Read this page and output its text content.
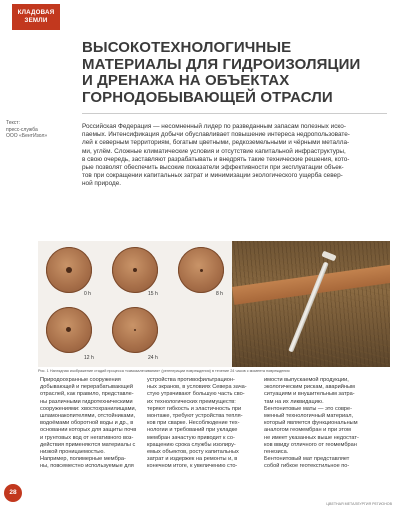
КЛАДОВАЯ
ЗЕМЛИ
ВЫСОКОТЕХНОЛОГИЧНЫЕ
МАТЕРИАЛЫ ДЛЯ ГИДРОИЗОЛЯЦИИ
И ДРЕНАЖА НА ОБЪЕКТАХ
ГОРНОДОБЫВАЮЩЕЙ ОТРАСЛИ
Текст:
пресс-служба
ООО «БентИзол»
Российская Федерация — несомненный лидер по разведанным запасам полезных иско-
паемых. Интенсификация добычи обуславливает повышение интереса недропользовате-
лей к северным территориям, богатым цветными, редкоземельными и чёрными металла-
ми, углём. Сложные климатические условия и отсутствие капитальной инфраструктуры,
в свою очередь, заставляют разрабатывать и внедрять такие технические решения, кото-
рые позволят обеспечить высокие показатели эффективности при эксплуатации объек-
тов при сокращении капитальных затрат и минимизации экологического ущерба север-
ной природе.
0 h	15 h	8 h
12 h	24 h
Рис. 1 Наглядная изображение стадий процесса «самозалечивания» (регенерации повреждения) в течение 24 часов с момента повреждения
Природоохранные сооружения
добывающей и перерабатывающей
отраслей, как правило, представле-
ны различными гидротехническими
сооружениями: хвостохранилищами,
шламонакопителями, отстойниками,
водоёмами оборотной воды и др., в
основании которых для защиты почв
и грунтовых вод от негативного воз-
действия применяются материалы с
низкой проницаемостью.
Например, полимерные мембра-
ны, повсеместно используемые для
устройства противофильтрацион-
ных экранов, в условиях Севера зача-
стую утрачивают большую часть сво-
их технологических преимуществ:
теряют гибкость и эластичность при
монтаже, требуют устройства тепля-
ков при сварке. Несоблюдение тех-
нологии и требований при укладке
мембран зачастую приводит к со-
кращению срока службы изолиру-
емых объектов, росту капитальных
затрат и издержек на ремонты и, в
конечном итоге, к увеличению сто-
имости выпускаемой продукции,
экологическим рискам, аварийным
ситуациям и внушительным затра-
там на их ликвидацию.
Бентонитовые маты — это совре-
менный технологичный материал,
который является функциональным
аналогом геомембран и при этом
не имеет указанных выше недостат-
ков ввиду отличного от геомембран
генезиса.
Бентонитовый мат представляет
собой гибкое геотекстильное по-
28
ЦВЕТНАЯ МЕТАЛЛУРГИЯ РЕГИОНОВ
